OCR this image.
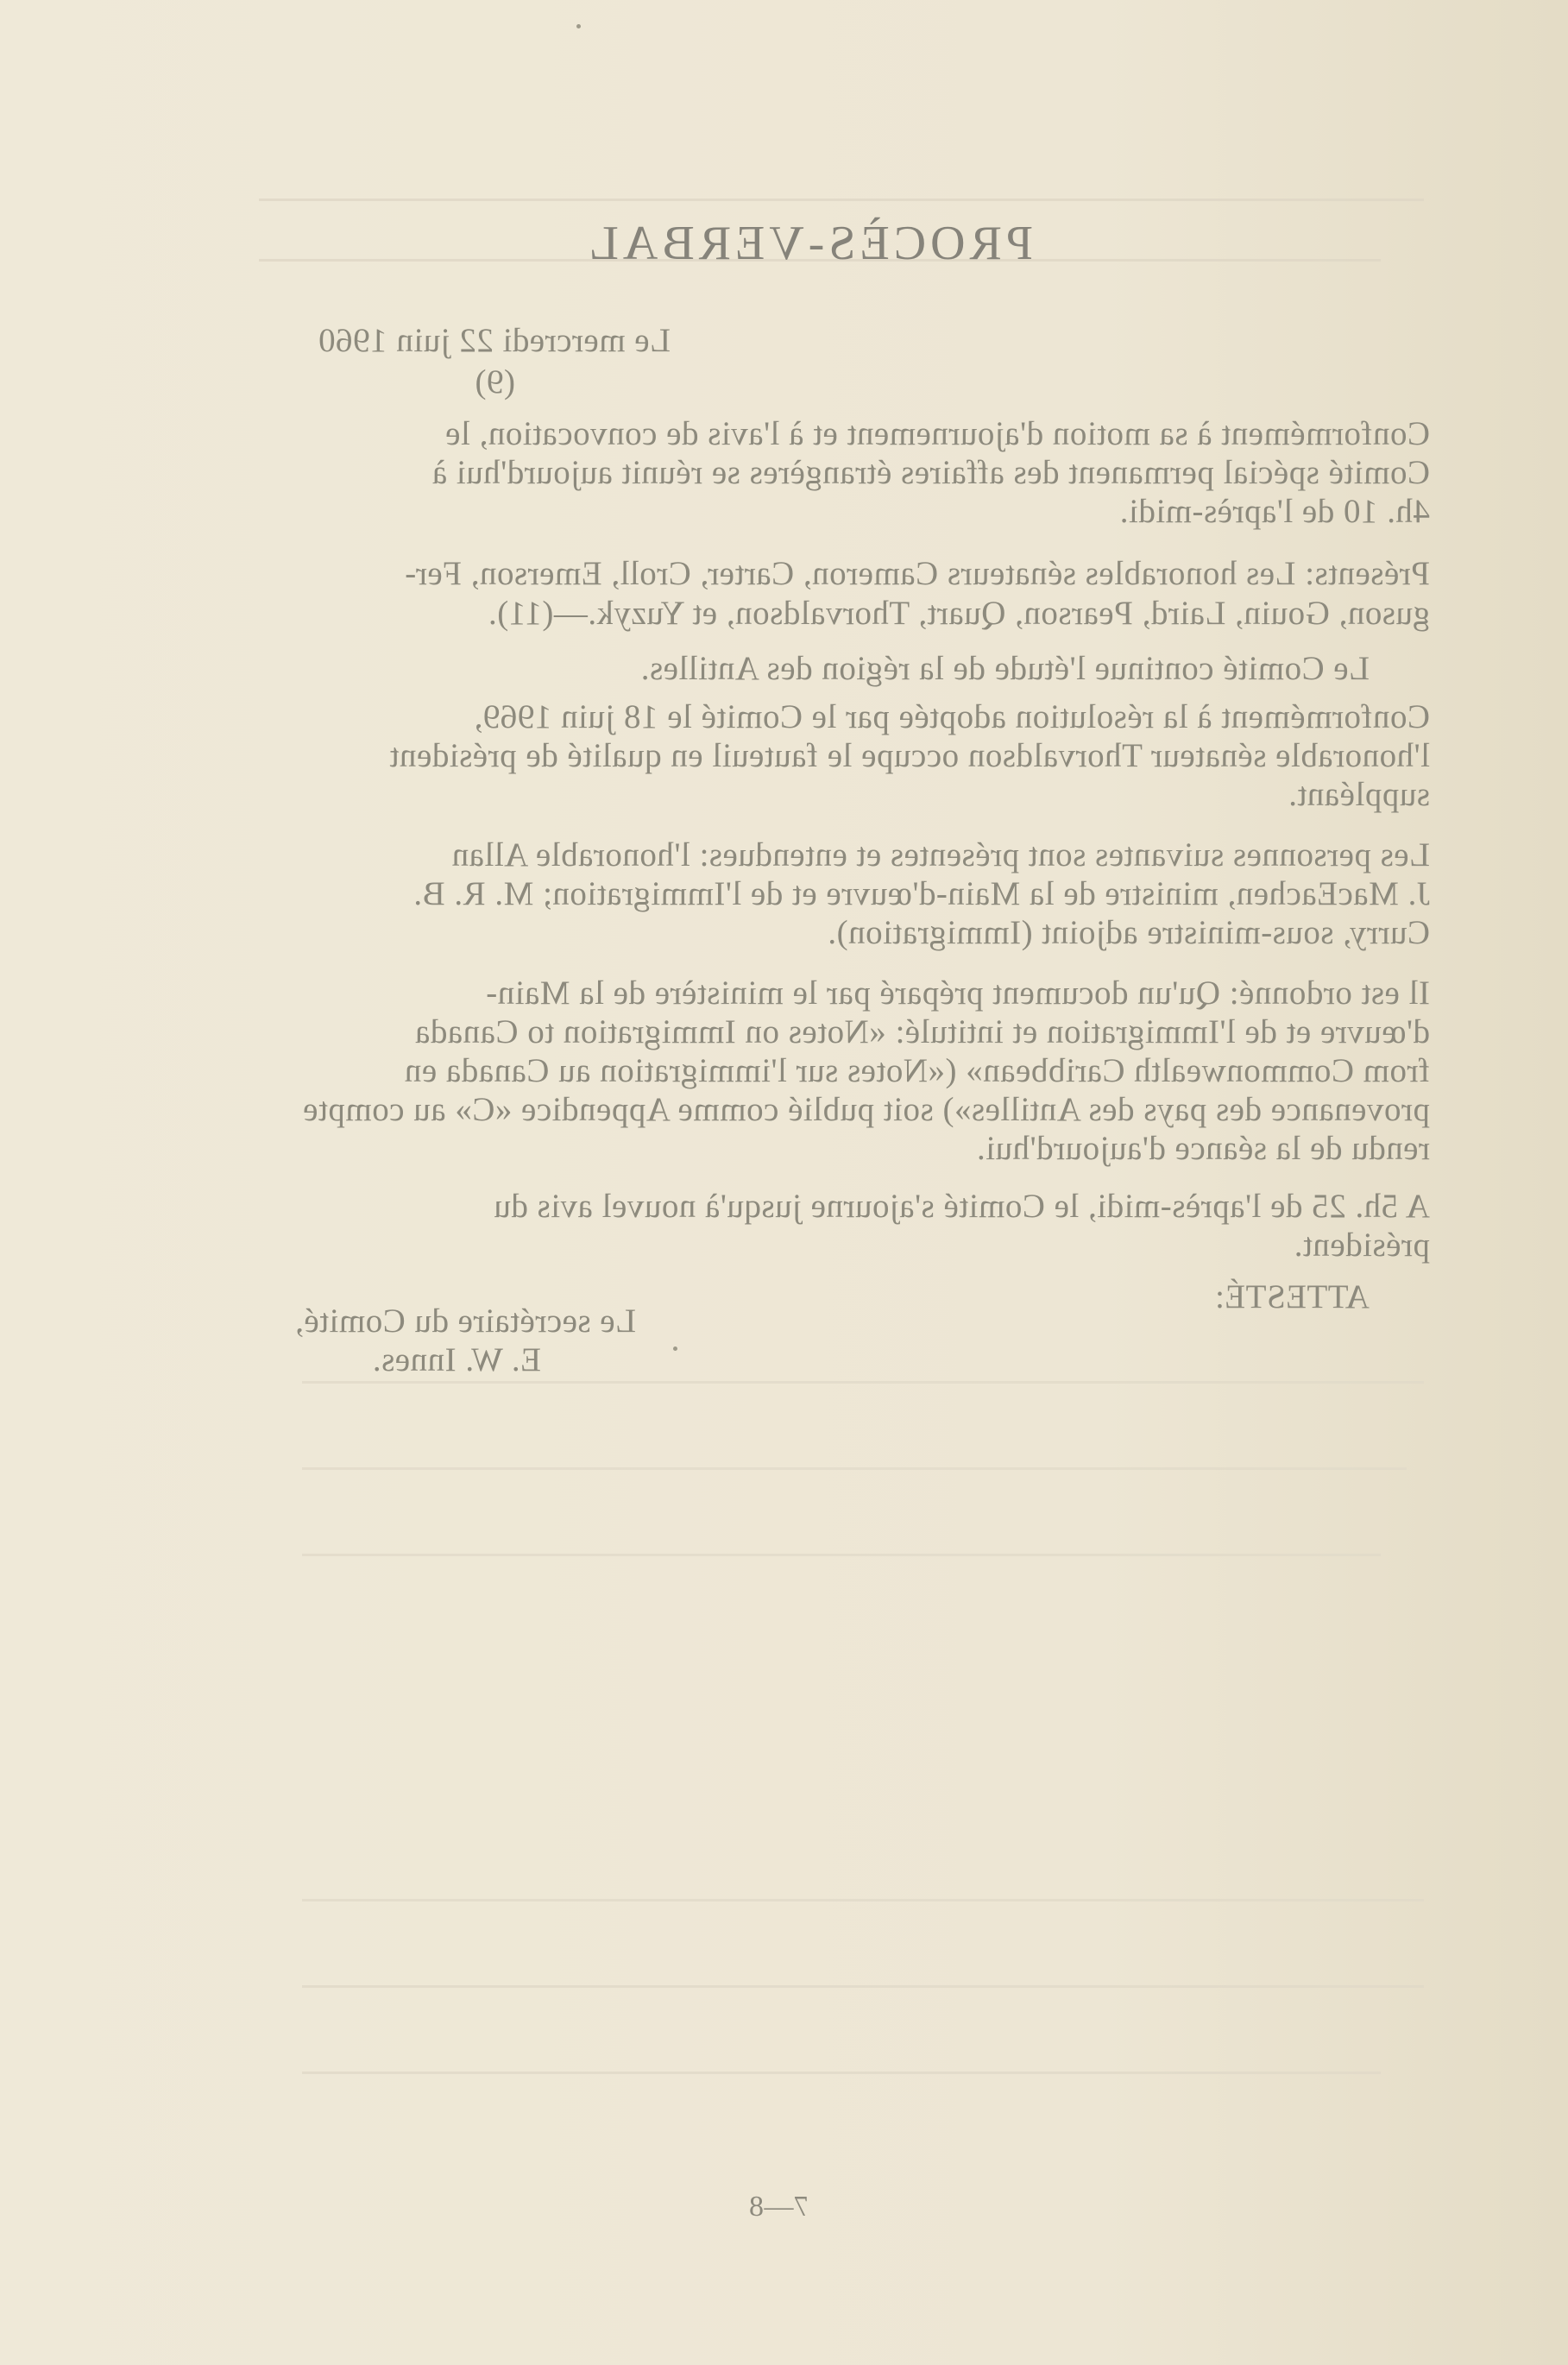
PROCÈS-VERBAL
Le mercredi 22 juin 1960
(9)
Conformément à sa motion d'ajournement et à l'avis de convocation, le
Comité spécial permanent des affaires étrangères se réunit aujourd'hui à
4h. 10 de l'après-midi.
Présents: Les honorables sénateurs Cameron, Carter, Croll, Emerson, Fer-
guson, Gouin, Laird, Pearson, Quart, Thorvaldson, et Yuzyk.—(11).
Le Comité continue l'étude de la région des Antilles.
Conformément à la résolution adoptée par le Comité le 18 juin 1969,
l'honorable sénateur Thorvaldson occupe le fauteuil en qualité de président
suppléant.
Les personnes suivantes sont présentes et entendues: l'honorable Allan
J. MacEachen, ministre de la Main-d'œuvre et de l'Immigration; M. R. B.
Curry, sous-ministre adjoint (Immigration).
Il est ordonné: Qu'un document préparé par le ministère de la Main-
d'œuvre et de l'Immigration et intitulé: «Notes on Immigration to Canada
from Commonwealth Caribbean» («Notes sur l'immigration au Canada en
provenance des pays des Antilles») soit publié comme Appendice «C» au compte
rendu de la séance d'aujourd'hui.
A 5h. 25 de l'après-midi, le Comité s'ajourne jusqu'à nouvel avis du
président.
ATTESTÉ:
Le secrétaire du Comité,
E. W. Innes.
7—8
